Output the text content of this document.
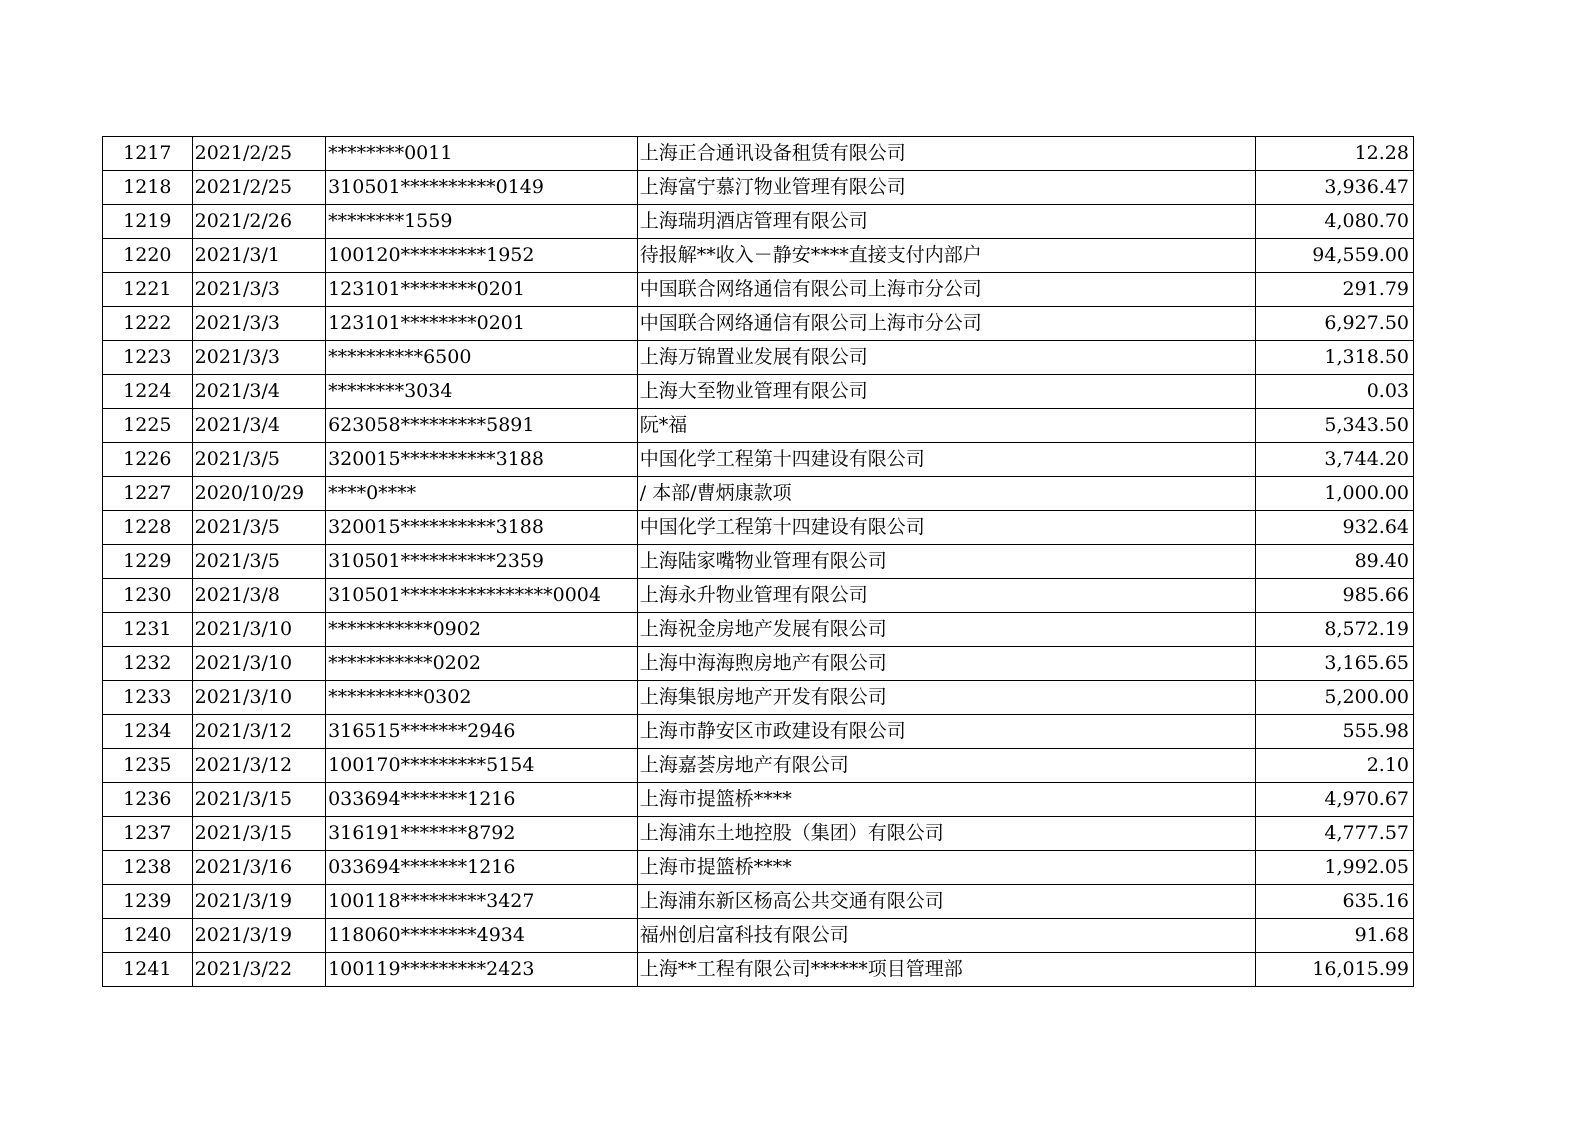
1217	2021/2/25	********0011	上海正合通讯设备租赁有限公司	12.28
1218	2021/2/25	310501**********0149	上海富宁慕汀物业管理有限公司	3,936.47
1219	2021/2/26	********1559	上海瑞玥酒店管理有限公司	4,080.70
1220	2021/3/1	100120*********1952	待报解**收入－静安****直接支付内部户	94,559.00
1221	2021/3/3	123101********0201	中国联合网络通信有限公司上海市分公司	291.79
1222	2021/3/3	123101********0201	中国联合网络通信有限公司上海市分公司	6,927.50
1223	2021/3/3	**********6500	上海万锦置业发展有限公司	1,318.50
1224	2021/3/4	********3034	上海大至物业管理有限公司	0.03
1225	2021/3/4	623058*********5891	阮*福	5,343.50
1226	2021/3/5	320015**********3188	中国化学工程第十四建设有限公司	3,744.20
1227	2020/10/29	****0****	/ 本部/曹炳康款项	1,000.00
1228	2021/3/5	320015**********3188	中国化学工程第十四建设有限公司	932.64
1229	2021/3/5	310501**********2359	上海陆家嘴物业管理有限公司	89.40
1230	2021/3/8	310501****************0004	上海永升物业管理有限公司	985.66
1231	2021/3/10	***********0902	上海祝金房地产发展有限公司	8,572.19
1232	2021/3/10	***********0202	上海中海海煦房地产有限公司	3,165.65
1233	2021/3/10	**********0302	上海集银房地产开发有限公司	5,200.00
1234	2021/3/12	316515*******2946	上海市静安区市政建设有限公司	555.98
1235	2021/3/12	100170*********5154	上海嘉荟房地产有限公司	2.10
1236	2021/3/15	033694*******1216	上海市提篮桥****	4,970.67
1237	2021/3/15	316191*******8792	上海浦东土地控股（集团）有限公司	4,777.57
1238	2021/3/16	033694*******1216	上海市提篮桥****	1,992.05
1239	2021/3/19	100118*********3427	上海浦东新区杨高公共交通有限公司	635.16
1240	2021/3/19	118060********4934	福州创启富科技有限公司	91.68
1241	2021/3/22	100119*********2423	上海**工程有限公司******项目管理部	16,015.99
